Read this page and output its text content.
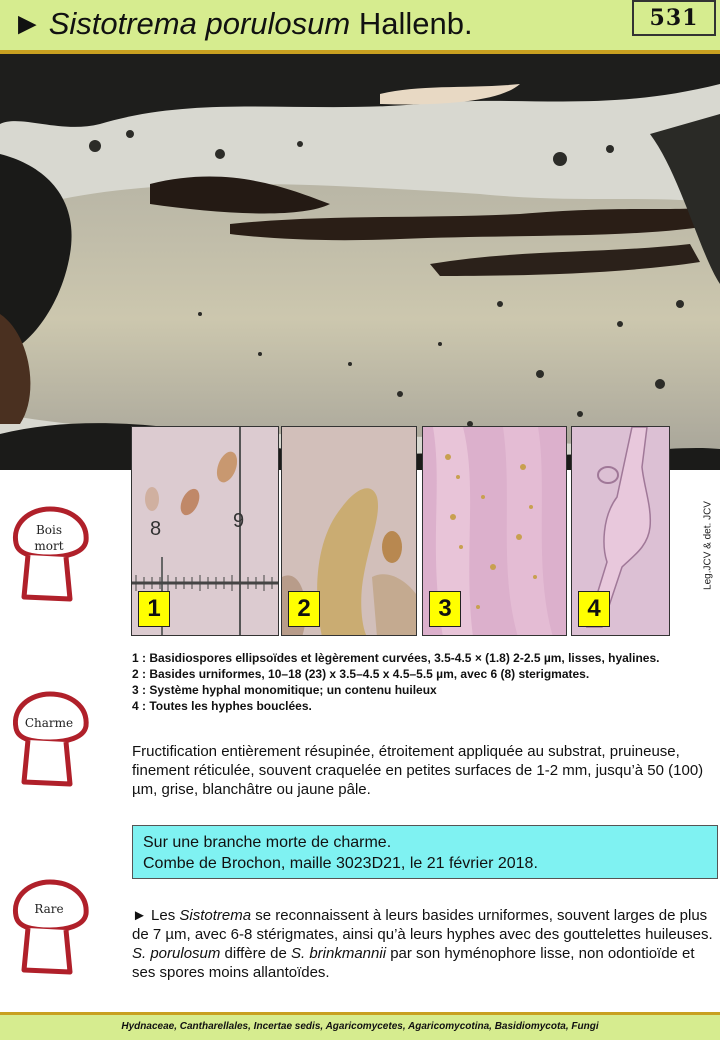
► Sistotrema porulosum Hallenb.	531
8	9
1	2	3	4
Leg.JCV & det. JCV
Bois
mort
Charme
Rare
1 : Basidiospores ellipsoïdes et lègèrement curvées, 3.5-4.5 × (1.8) 2-2.5 µm, lisses, hyalines.
2 : Basides urniformes, 10–18 (23) x 3.5–4.5 x 4.5–5.5 µm, avec 6 (8) sterigmates.
3 : Système hyphal monomitique; un contenu huileux
4 : Toutes les hyphes bouclées.
Fructification entièrement résupinée, étroitement appliquée au substrat, pruineuse, finement réticulée, souvent craquelée en petites surfaces de 1-2 mm, jusqu’à 50 (100) µm, grise, blanchâtre ou jaune pâle.
Sur une branche morte de charme.
Combe de Brochon, maille 3023D21, le 21 février 2018.
► Les Sistotrema se reconnaissent à leurs basides urniformes, souvent larges de plus de 7 µm, avec 6-8 stérigmates, ainsi qu’à leurs hyphes avec des gouttelettes huileuses. S. porulosum diffère de S. brinkmannii par son hyménophore lisse, non odontioïde et ses spores moins allantoïdes.
Hydnaceae, Cantharellales, Incertae sedis, Agaricomycetes, Agaricomycotina, Basidiomycota, Fungi
